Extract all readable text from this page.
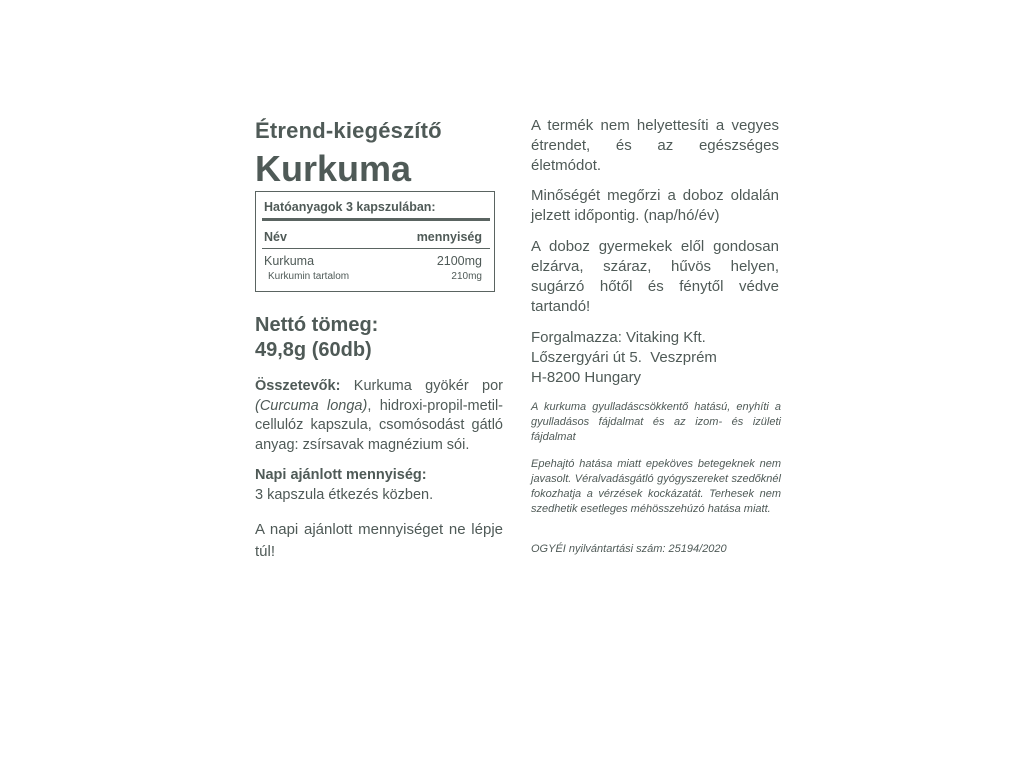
Étrend-kiegészítő
Kurkuma
Hatóanyagok 3 kapszulában:
Név	mennyiség
Kurkuma	2100mg
Kurkumin tartalom	210mg
Nettó tömeg:
49,8g (60db)
Összetevők: Kurkuma gyökér por (Curcuma longa), hidroxi-propil-metil-cellulóz kapszula, csomósodást gátló anyag: zsírsavak magnézium sói.
Napi ajánlott mennyiség:
3 kapszula étkezés közben.
A napi ajánlott mennyiséget ne lépje túl!
A termék nem helyettesíti a vegyes étrendet, és az egészséges életmódot.
Minőségét megőrzi a doboz oldalán jelzett időpontig. (nap/hó/év)
A doboz gyermekek elől gondosan elzárva, száraz, hűvös helyen, sugárzó hőtől és fénytől védve tartandó!
Forgalmazza: Vitaking Kft.
Lőszergyári út 5.  Veszprém
H-8200 Hungary
A kurkuma gyulladáscsökkentő hatású, enyhíti a gyulladásos fájdalmat és az izom- és izületi fájdalmat
Epehajtó hatása miatt epeköves betegeknek nem javasolt. Véralvadásgátló gyógyszereket szedőknél fokozhatja a vérzések kockázatát. Terhesek nem szedhetik esetleges méhösszehúzó hatása miatt.
OGYÉI nyilvántartási szám: 25194/2020
